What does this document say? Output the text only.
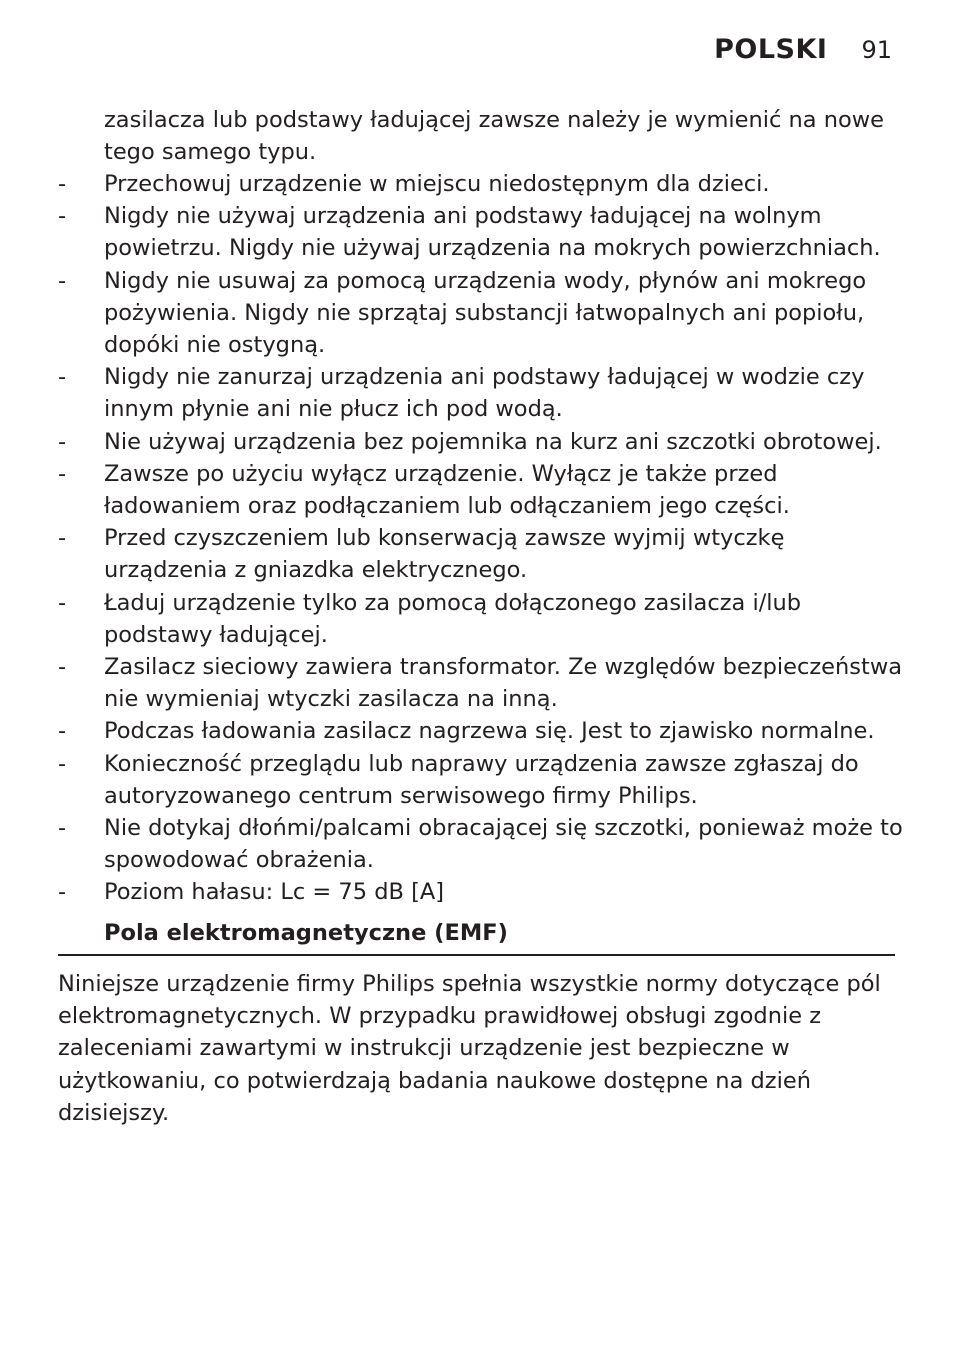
POLSKI 91
zasilacza lub podstawy ładującej zawsze należy je wymienić na nowe tego samego typu.
- Przechowuj urządzenie w miejscu niedostępnym dla dzieci.
- Nigdy nie używaj urządzenia ani podstawy ładującej na wolnym powietrzu. Nigdy nie używaj urządzenia na mokrych powierzchniach.
- Nigdy nie usuwaj za pomocą urządzenia wody, płynów ani mokrego pożywienia. Nigdy nie sprzątaj substancji łatwopalnych ani popiołu, dopóki nie ostygną.
- Nigdy nie zanurzaj urządzenia ani podstawy ładującej w wodzie czy innym płynie ani nie płucz ich pod wodą.
- Nie używaj urządzenia bez pojemnika na kurz ani szczotki obrotowej.
- Zawsze po użyciu wyłącz urządzenie. Wyłącz je także przed ładowaniem oraz podłączaniem lub odłączaniem jego części.
- Przed czyszczeniem lub konserwacją zawsze wyjmij wtyczkę urządzenia z gniazdka elektrycznego.
- Ładuj urządzenie tylko za pomocą dołączonego zasilacza i/lub podstawy ładującej.
- Zasilacz sieciowy zawiera transformator. Ze względów bezpieczeństwa nie wymieniaj wtyczki zasilacza na inną.
- Podczas ładowania zasilacz nagrzewa się. Jest to zjawisko normalne.
- Konieczność przeglądu lub naprawy urządzenia zawsze zgłaszaj do autoryzowanego centrum serwisowego firmy Philips.
- Nie dotykaj dłońmi/palcami obracającej się szczotki, ponieważ może to spowodować obrażenia.
- Poziom hałasu: Lc = 75 dB [A]
Pola elektromagnetyczne (EMF)
Niniejsze urządzenie firmy Philips spełnia wszystkie normy dotyczące pól elektromagnetycznych. W przypadku prawidłowej obsługi zgodnie z zaleceniami zawartymi w instrukcji urządzenie jest bezpieczne w użytkowaniu, co potwierdzają badania naukowe dostępne na dzień dzisiejszy.
